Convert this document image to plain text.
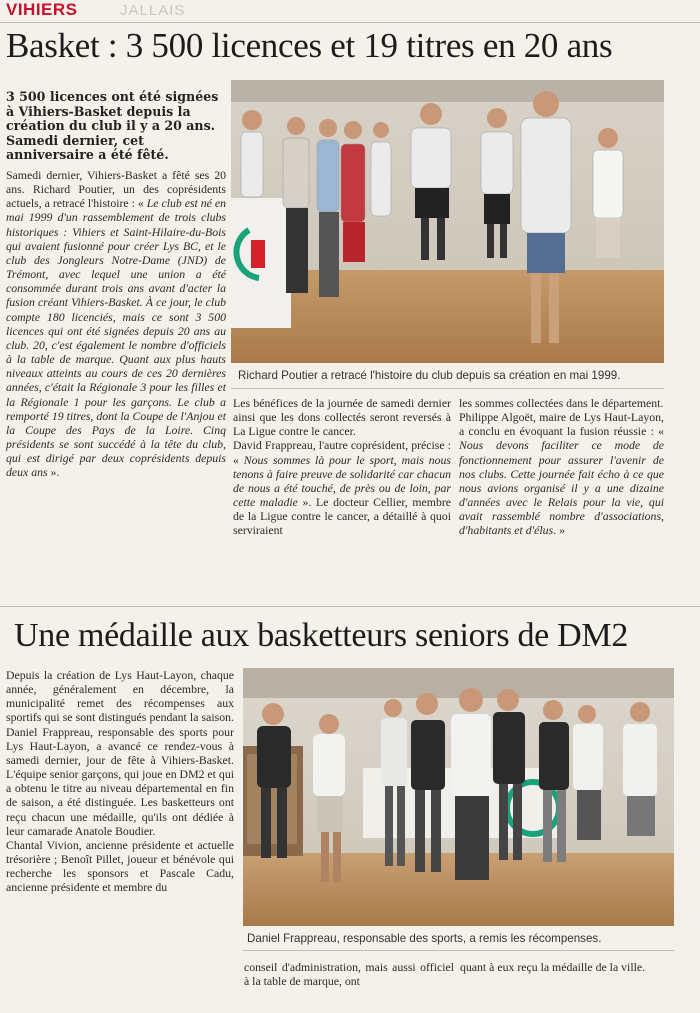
VIHIERS	JALLAIS
Basket : 3 500 licences et 19 titres en 20 ans
3 500 licences ont été signées à Vihiers-Basket depuis la création du club il y a 20 ans. Samedi dernier, cet anniversaire a été fêté.

Samedi dernier, Vihiers-Basket a fêté ses 20 ans. Richard Poutier, un des coprésidents actuels, a retracé l'histoire : « Le club est né en mai 1999 d'un rassemblement de trois clubs historiques : Vihiers et Saint-Hilaire-du-Bois qui avaient fusionné pour créer Lys BC, et le club des Jongleurs Notre-Dame (JND) de Trémont, avec lequel une union a été consommée durant trois ans avant d'acter la fusion créant Vihiers-Basket. À ce jour, le club compte 180 licenciés, mais ce sont 3 500 licences qui ont été signées depuis 20 ans au club. 20, c'est également le nombre d'officiels à la table de marque. Quant aux plus hauts niveaux atteints au cours de ces 20 dernières années, c'était la Régionale 3 pour les filles et la Régionale 1 pour les garçons. Le club a remporté 19 titres, dont la Coupe de l'Anjou et la Coupe des Pays de la Loire. Cinq présidents se sont succédé à la tête du club, qui est dirigé par deux coprésidents depuis deux ans ».

Richard Poutier a retracé l'histoire du club depuis sa création en mai 1999.

Les bénéfices de la journée de samedi dernier ainsi que les dons collectés seront reversés à La Ligue contre le cancer.

David Frappreau, l'autre coprésident, précise : « Nous sommes là pour le sport, mais nous tenons à faire preuve de solidarité car chacun de nous a été touché, de près ou de loin, par cette maladie ». Le docteur Cellier, membre de la Ligue contre le cancer, a détaillé à quoi serviraient

les sommes collectées dans le département.

Philippe Algoët, maire de Lys Haut-Layon, a conclu en évoquant la fusion réussie : « Nous devons faciliter ce mode de fonctionnement pour assurer l'avenir de nos clubs. Cette journée fait écho à ce que nous avions organisé il y a une dizaine d'années avec le Relais pour la vie, qui avait rassemblé nombre d'associations, d'habitants et d'élus. »

Une médaille aux basketteurs seniors de DM2

Depuis la création de Lys Haut-Layon, chaque année, généralement en décembre, la municipalité remet des récompenses aux sportifs qui se sont distingués pendant la saison. Daniel Frappreau, responsable des sports pour Lys Haut-Layon, a avancé ce rendez-vous à samedi dernier, jour de fête à Vihiers-Basket. L'équipe senior garçons, qui joue en DM2 et qui a obtenu le titre au niveau départemental en fin de saison, a été distinguée. Les basketteurs ont reçu chacun une médaille, qu'ils ont dédiée à leur camarade Anatole Boudier.

Chantal Vivion, ancienne présidente et actuelle trésorière ; Benoît Pillet, joueur et bénévole qui recherche les sponsors et Pascale Cadu, ancienne présidente et membre du

Daniel Frappreau, responsable des sports, a remis les récompenses.

conseil d'administration, mais aussi officiel à la table de marque, ont

quant à eux reçu la médaille de la ville.
